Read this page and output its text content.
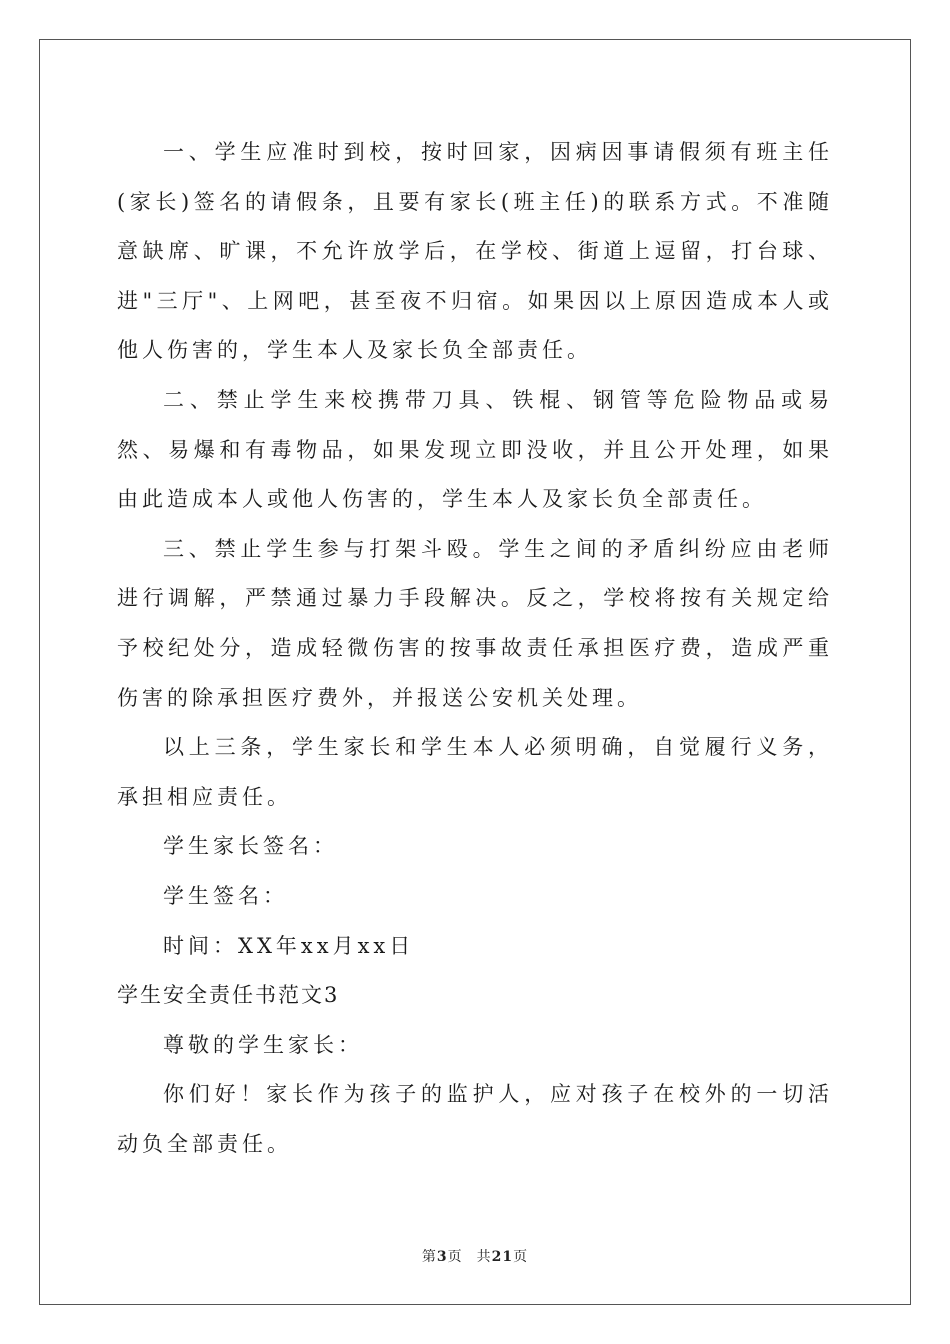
一、学生应准时到校，按时回家，因病因事请假须有班主任(家长)签名的请假条，且要有家长(班主任)的联系方式。不准随意缺席、旷课，不允许放学后，在学校、街道上逗留，打台球、进"三厅"、上网吧，甚至夜不归宿。如果因以上原因造成本人或他人伤害的，学生本人及家长负全部责任。

二、禁止学生来校携带刀具、铁棍、钢管等危险物品或易然、易爆和有毒物品，如果发现立即没收，并且公开处理，如果由此造成本人或他人伤害的，学生本人及家长负全部责任。

三、禁止学生参与打架斗殴。学生之间的矛盾纠纷应由老师进行调解，严禁通过暴力手段解决。反之，学校将按有关规定给予校纪处分，造成轻微伤害的按事故责任承担医疗费，造成严重伤害的除承担医疗费外，并报送公安机关处理。

以上三条，学生家长和学生本人必须明确，自觉履行义务，承担相应责任。

学生家长签名：

学生签名：

时间：XX年xx月xx日

学生安全责任书范文3

尊敬的学生家长：

你们好！家长作为孩子的监护人，应对孩子在校外的一切活动负全部责任。

第3页 共21页
